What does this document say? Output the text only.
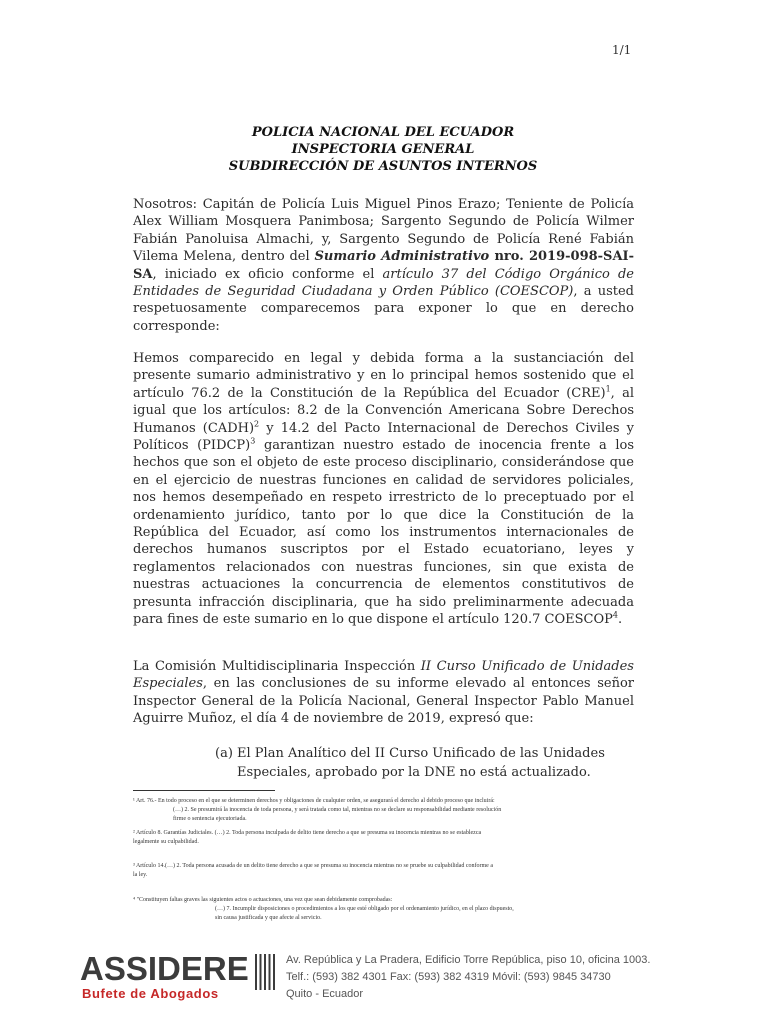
1/1
POLICIA NACIONAL DEL ECUADOR
INSPECTORIA GENERAL
SUBDIRECCIÓN DE ASUNTOS INTERNOS
Nosotros: Capitán de Policía Luis Miguel Pinos Erazo; Teniente de Policía Alex William Mosquera Panimbosa; Sargento Segundo de Policía Wilmer Fabián Panoluisa Almachi, y, Sargento Segundo de Policía René Fabián Vilema Melena, dentro del Sumario Administrativo nro. 2019-098-SAI-SA, iniciado ex oficio conforme el artículo 37 del Código Orgánico de Entidades de Seguridad Ciudadana y Orden Público (COESCOP), a usted respetuosamente comparecemos para exponer lo que en derecho corresponde:
Hemos comparecido en legal y debida forma a la sustanciación del presente sumario administrativo y en lo principal hemos sostenido que el artículo 76.2 de la Constitución de la República del Ecuador (CRE)$^1$, al igual que los artículos: 8.2 de la Convención Americana Sobre Derechos Humanos (CADH)$^2$ y 14.2 del Pacto Internacional de Derechos Civiles y Políticos (PIDCP)$^3$ garantizan nuestro estado de inocencia frente a los hechos que son el objeto de este proceso disciplinario, considerándose que en el ejercicio de nuestras funciones en calidad de servidores policiales, nos hemos desempeñado en respeto irrestricto de lo preceptuado por el ordenamiento jurídico, tanto por lo que dice la Constitución de la República del Ecuador, así como los instrumentos internacionales de derechos humanos suscriptos por el Estado ecuatoriano, leyes y reglamentos relacionados con nuestras funciones, sin que exista de nuestras actuaciones la concurrencia de elementos constitutivos de presunta infracción disciplinaria, que ha sido preliminarmente adecuada para fines de este sumario en lo que dispone el artículo 120.7 COESCOP$^4$.
La Comisión Multidisciplinaria Inspección II Curso Unificado de Unidades Especiales, en las conclusiones de su informe elevado al entonces señor Inspector General de la Policía Nacional, General Inspector Pablo Manuel Aguirre Muñoz, el día 4 de noviembre de 2019, expresó que:
(a) El Plan Analítico del II Curso Unificado de las Unidades
Especiales, aprobado por la DNE no está actualizado.
¹ Art. 76.- En todo proceso en el que se determinen derechos y obligaciones de cualquier orden, se asegurará el derecho al debido proceso que incluirá:
(…) 2. Se presumirá la inocencia de toda persona, y será tratada como tal, mientras no se declare su responsabilidad mediante resolución
firme o sentencia ejecutoriada.
² Artículo 8. Garantías Judiciales. (…) 2. Toda persona inculpada de delito tiene derecho a que se presuma su inocencia mientras no se establezca
legalmente su culpabilidad.
³ Artículo 14.(…) 2. Toda persona acusada de un delito tiene derecho a que se presuma su inocencia mientras no se pruebe su culpabilidad conforme a
la ley.
⁴ "Constituyen faltas graves las siguientes actos o actuaciones, una vez que sean debidamente comprobadas:
(…) 7. Incumplir disposiciones o procedimientos a los que esté obligado por el ordenamiento jurídico, en el plazo dispuesto,
sin causa justificada y que afecte al servicio.
ASSIDERE
Bufete de Abogados
Av. República y La Pradera, Edificio Torre República, piso 10, oficina 1003.
Telf.: (593) 382 4301 Fax: (593) 382 4319 Móvil: (593) 9845 34730
Quito - Ecuador
